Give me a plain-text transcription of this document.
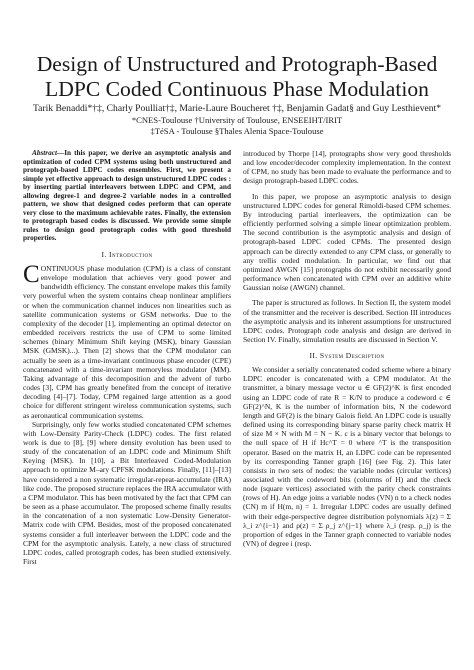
Design of Unstructured and Protograph-Based
LDPC Coded Continuous Phase Modulation
Tarik Benaddi*†‡, Charly Poulliat†‡, Marie-Laure Boucheret †‡, Benjamin Gadat§ and Guy Lesthievent*
*CNES-Toulouse †University of Toulouse, ENSEEIHT/IRIT
‡TéSA - Toulouse §Thales Alenia Space-Toulouse

Abstract—In this paper, we derive an asymptotic analysis and optimization of coded CPM systems using both unstructured and protograph-based LDPC codes ensembles. First, we present a simple yet effective approach to design unstructured LDPC codes : by inserting partial interleavers between LDPC and CPM, and allowing degree-1 and degree-2 variable nodes in a controlled pattern, we show that designed codes perform that can operate very close to the maximum achievable rates. Finally, the extension to protograph based codes is discussed. We provide some simple rules to design good protograph codes with good threshold properties.

I. Introduction

CONTINUOUS phase modulation (CPM) is a class of constant envelope modulation that achieves very good power and bandwidth efficiency. The constant envelope makes this family very powerful when the system contains cheap nonlinear amplifiers or when the communication channel induces non linearities such as satellite communication systems or GSM networks. Due to the complexity of the decoder [1], implementing an optimal detector on embedded receivers restricts the use of CPM to some limited schemes (binary Minimum Shift keying (MSK), binary Gaussian MSK (GMSK)...). Then [2] shows that the CPM modulator can actually be seen as a time-invariant continuous phase encoder (CPE) concatenated with a time-invariant memoryless modulator (MM). Taking advantage of this decomposition and the advent of turbo codes [3], CPM has greatly benefited from the concept of iterative decoding [4]–[7]. Today, CPM regained large attention as a good choice for different stringent wireless communication systems, such as aeronautical communication systems.

Surprisingly, only few works studied concatenated CPM schemes with Low-Density Parity-Check (LDPC) codes. The first related work is due to [8], [9] where density evolution has been used to study of the concatenation of an LDPC code and Minimum Shift Keying (MSK). In [10], a Bit Interleaved Coded-Modulation approach to optimize M–ary CPFSK modulations. Finally, [11]–[13] have considered a non systematic irregular-repeat-accumulate (IRA) like code. The proposed structure replaces the IRA accumulator with a CPM modulator. This has been motivated by the fact that CPM can be seen as a phase accumulator. The proposed scheme finally results in the concatenation of a non systematic Low-Density Generator-Matrix code with CPM. Besides, most of the proposed concatenated systems consider a full interleaver between the LDPC code and the CPM for the asymptotic analysis. Lately, a new class of structured LDPC codes, called protograph codes, has been studied extensively. First

introduced by Thorpe [14], protographs show very good thresholds and low encoder/decoder complexity implementation. In the context of CPM, no study has been made to evaluate the performance and to design protograph-based LDPC codes.

In this paper, we propose an asymptotic analysis to design unstructured LDPC codes for general Rimoldi-based CPM schemes. By introducing partial interleavers, the optimization can be efficiently performed solving a simple linear optimization problem. The second contribution is the asymptotic analysis and design of protograph-based LDPC coded CPMs. The presented design approach can be directly extended to any CPM class, or generally to any trellis coded modulation. In particular, we find out that optimized AWGN [15] protographs do not exhibit necessarily good performance when concatenated with CPM over an additive white Gaussian noise (AWGN) channel.

The paper is structured as follows. In Section II, the system model of the transmitter and the receiver is described. Section III introduces the asymptotic analysis and its inherent assumptions for unstructured LDPC codes. Protograph code analysis and design are derived in Section IV. Finally, simulation results are discussed in Section V.

II. System Description

We consider a serially concatenated coded scheme where a binary LDPC encoder is concatenated with a CPM modulator. At the transmitter, a binary message vector u ∈ GF(2)^K is first encoded using an LDPC code of rate R = K/N to produce a codeword c ∈ GF(2)^N, K is the number of information bits, N the codeword length and GF(2) is the binary Galois field. An LDPC code is usually defined using its corresponding binary sparse parity check matrix H of size M × N with M = N − K. c is a binary vector that belongs to the null space of H if Hc^T = 0 where ^T is the transposition operator. Based on the matrix H, an LDPC code can be represented by its corresponding Tanner graph [16] (see Fig. 2). This later consists in two sets of nodes: the variable nodes (circular vertices) associated with the codeword bits (columns of H) and the check node (square vertices) associated with the parity check constraints (rows of H). An edge joins a variable nodes (VN) n to a check nodes (CN) m if H(m, n) = 1. Irregular LDPC codes are usually defined with their edge-perspective degree distribution polynomials λ(z) = Σ λ_i z^{i−1} and ρ(z) = Σ ρ_j z^{j−1} where λ_i (resp. ρ_j) is the proportion of edges in the Tanner graph connected to variable nodes (VN) of degree i (resp.
